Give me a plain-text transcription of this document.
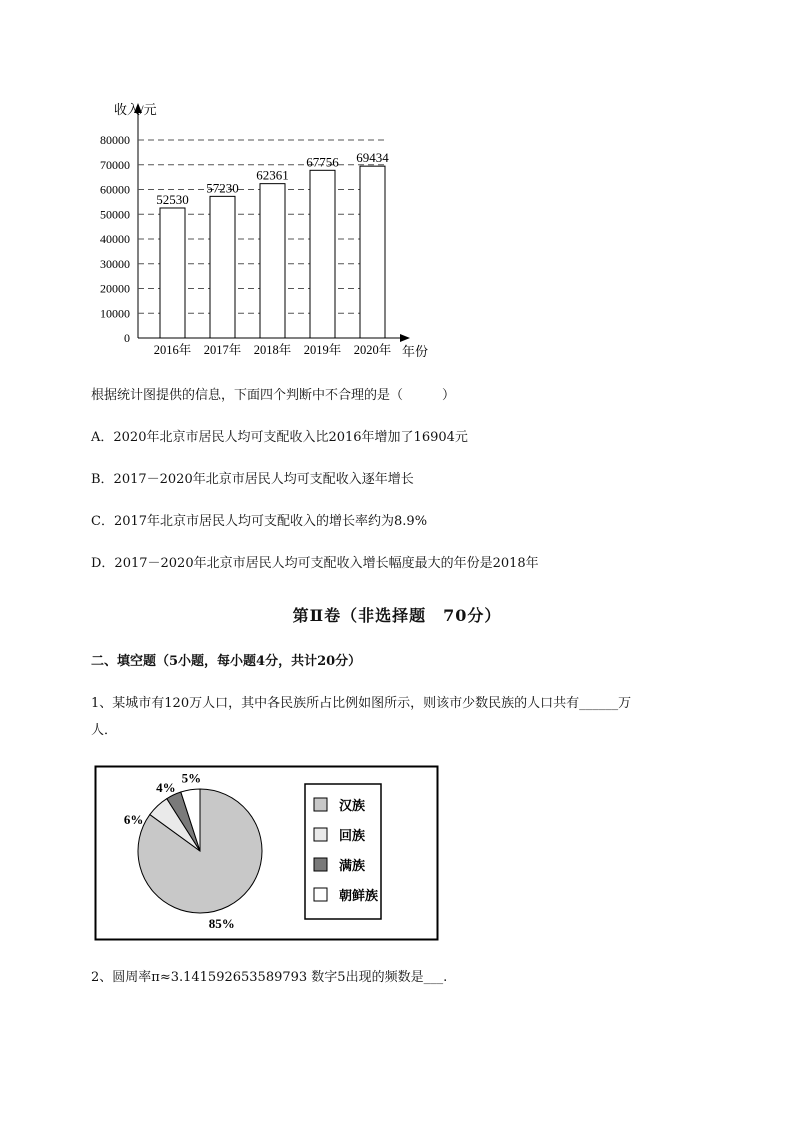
收入/元
年份
0
10000
20000
30000
40000
50000
60000
70000
80000
52530
57230
62361
67756 69434
2016年 2017年 2018年 2019年 2020年
根据统计图提供的信息，下面四个判断中不合理的是（　　　）
A．2020年北京市居民人均可支配收入比2016年增加了16904元
B．2017－2020年北京市居民人均可支配收入逐年增长
C．2017年北京市居民人均可支配收入的增长率约为8.9%
D．2017－2020年北京市居民人均可支配收入增长幅度最大的年份是2018年
第Ⅱ卷（非选择题　70分）
二、填空题（5小题，每小题4分，共计20分）
1、某城市有120万人口，其中各民族所占比例如图所示，则该市少数民族的人口共有______万
人．
85%
6%
4%
5%
汉族
回族
满族
朝鲜族
2、圆周率π≈3.141592653589793 数字5出现的频数是___.
